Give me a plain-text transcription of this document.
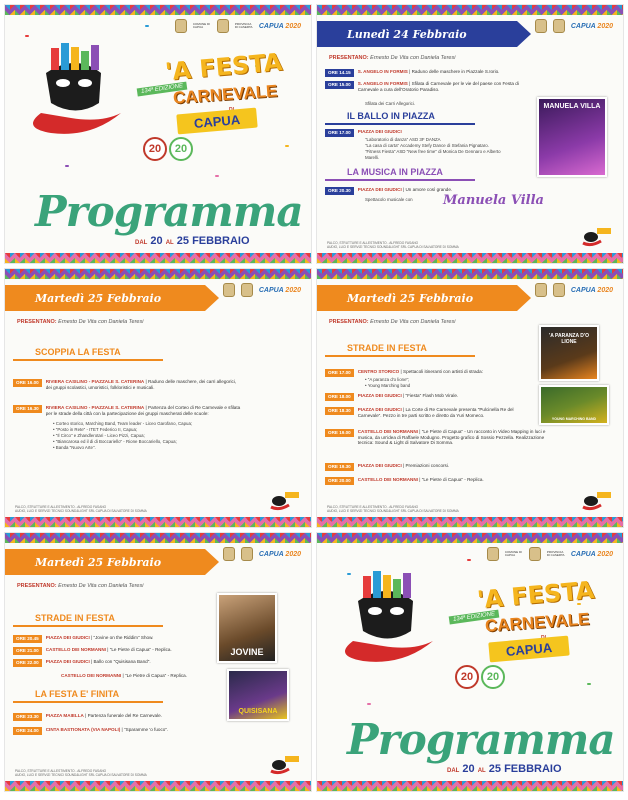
COMUNE DI CAPUA
PROVINCIA DI CASERTA CAPUA 2020
134ª EDIZIONE
'A FESTA
CARNEVALE
CAPUA
20	20
Programma
DAL 20 AL 25 FEBBRAIO
CAPUA 2020
Lunedì 24 Febbraio
PRESENTANO: Ernesto De Vita con Daniela Teresi
ORE 14.15	S. ANGELO IN FORMIS | Raduno delle maschere in Piazzale S.Iorio.
ORE 15.00	S. ANGELO IN FORMIS | Sfilata di Carnevale per le vie del paese con Festa di Carnevale a cura dell'Oratorio Paradiso.
Sfilata dei Carri Allegorici.
IL BALLO IN PIAZZA
ORE 17.00	PIAZZA DEI GIUDICI
"Laboratorio di danza" ASD 3F DANZA
"La casa di carta" Accademy Stefy Dance di Stefania Pignataro.
"Fitness Fiesta" ASD "New free time" di Monica De Gennaro e Alberto Marelli.
LA MUSICA IN PIAZZA
ORE 20.30	PIAZZA DEI GIUDICI | Un amore così grande.
Spettacolo musicale con Manuela Villa
MANUELA VILLA
PALCO, STRUTTURE E ALLESTIMENTO - ALFREDO FASANO
AUDIO, LUCI E SERVIZI TECNICI SOUND&LIGHT SRL CAPUA DI SALVATORE DI SOMMA
CAPUA 2020
Martedì 25 Febbraio
PRESENTANO: Ernesto De Vita con Daniela Teresi
SCOPPIA LA FESTA
ORE 16.00	RIVIERA CASILINO - PIAZZALE S. CATERINA | Raduno delle maschere, dei carri allegorici, dei gruppi scolastici, umoristici, folkloristici e musicali.
ORE 16.30	RIVIERA CASILINO - PIAZZALE S. CATERINA | Partenza del Corteo di Re Carnevale e sfilata per le strade della città con la partecipazione dei gruppi mascherati delle scuole:
• Corteo storico, Marching Band, Team leader - Liceo Garofano, Capua;
• "Posto in Rete" - ITET Federico II, Capua;
• "Il Circo" e Zhandlerotari - Liceo Pizzi, Capua;
• "Biancarosa ed il di di Boccariello" - Rione Boccariello, Capua;
• Banda "Nuovo Arte".
PALCO, STRUTTURE E ALLESTIMENTO - ALFREDO FASANO
AUDIO, LUCI E SERVIZI TECNICI SOUND&LIGHT SRL CAPUA DI SALVATORE DI SOMMA
CAPUA 2020
Martedì 25 Febbraio
PRESENTANO: Ernesto De Vita con Daniela Teresi
STRADE IN FESTA
ORE 17.00	CENTRO STORICO | Spettacoli itineranti con artisti di strada:
• "A paranza d'o lione";
• Young Marching band
ORE 18.00	PIAZZA DEI GIUDICI | "Fiesta" Flash Mob Virale.
ORE 18.30	PIAZZA DEI GIUDICI | La Corte di Re Carnevale presenta "Pulcinella Re del Carnevale". Pezzo in tre parti scritto e diretto da Yuri Momeco.
ORE 19.00	CASTELLO DEI NORMANNI | "Le Pietre di Capua" - Un racconto in Video Mapping in luci e musica, da un'idea di Raffaele Modugno. Progetto grafico di Sossio Pezzella. Realizzazione tecnica: Sound & Light di Salvatore Di Somma.
ORE 19.30	PIAZZA DEI GIUDICI | Premiazioni concorsi.
ORE 20.00	CASTELLO DEI NORMANNI | "Le Pietre di Capua" - Replica.
'A PARANZA D'O LIONE
YOUNG MARCHING BAND
PALCO, STRUTTURE E ALLESTIMENTO - ALFREDO FASANO
AUDIO, LUCI E SERVIZI TECNICI SOUND&LIGHT SRL CAPUA DI SALVATORE DI SOMMA
CAPUA 2020
Martedì 25 Febbraio
PRESENTANO: Ernesto De Vita con Daniela Teresi
STRADE IN FESTA
ORE 20.45	PIAZZA DEI GIUDICI | "Jovine on the Riddim" Show.
ORE 21.00	CASTELLO DEI NORMANNI | "Le Pietre di Capua" - Replica.
ORE 22.00	PIAZZA DEI GIUDICI | Ballo con "Quisisana Band".
CASTELLO DEI NORMANNI | "Le Pietre di Capua" - Replica.
LA FESTA E' FINITA
ORE 23.30	PIAZZA MAIELLA | Partenza funerale del Re Carnevale.
ORE 24.00	CINTA BASTIONATA (VIA NAPOLI) | "Sparamme 'o fuoco".
JOVINE
QUISISANA
PALCO, STRUTTURE E ALLESTIMENTO - ALFREDO FASANO
AUDIO, LUCI E SERVIZI TECNICI SOUND&LIGHT SRL CAPUA DI SALVATORE DI SOMMA
COMUNE DI CAPUA
PROVINCIA DI CASERTA CAPUA 2020
134ª EDIZIONE
'A FESTA
CARNEVALE
CAPUA
20	20
Programma
DAL 20 AL 25 FEBBRAIO
